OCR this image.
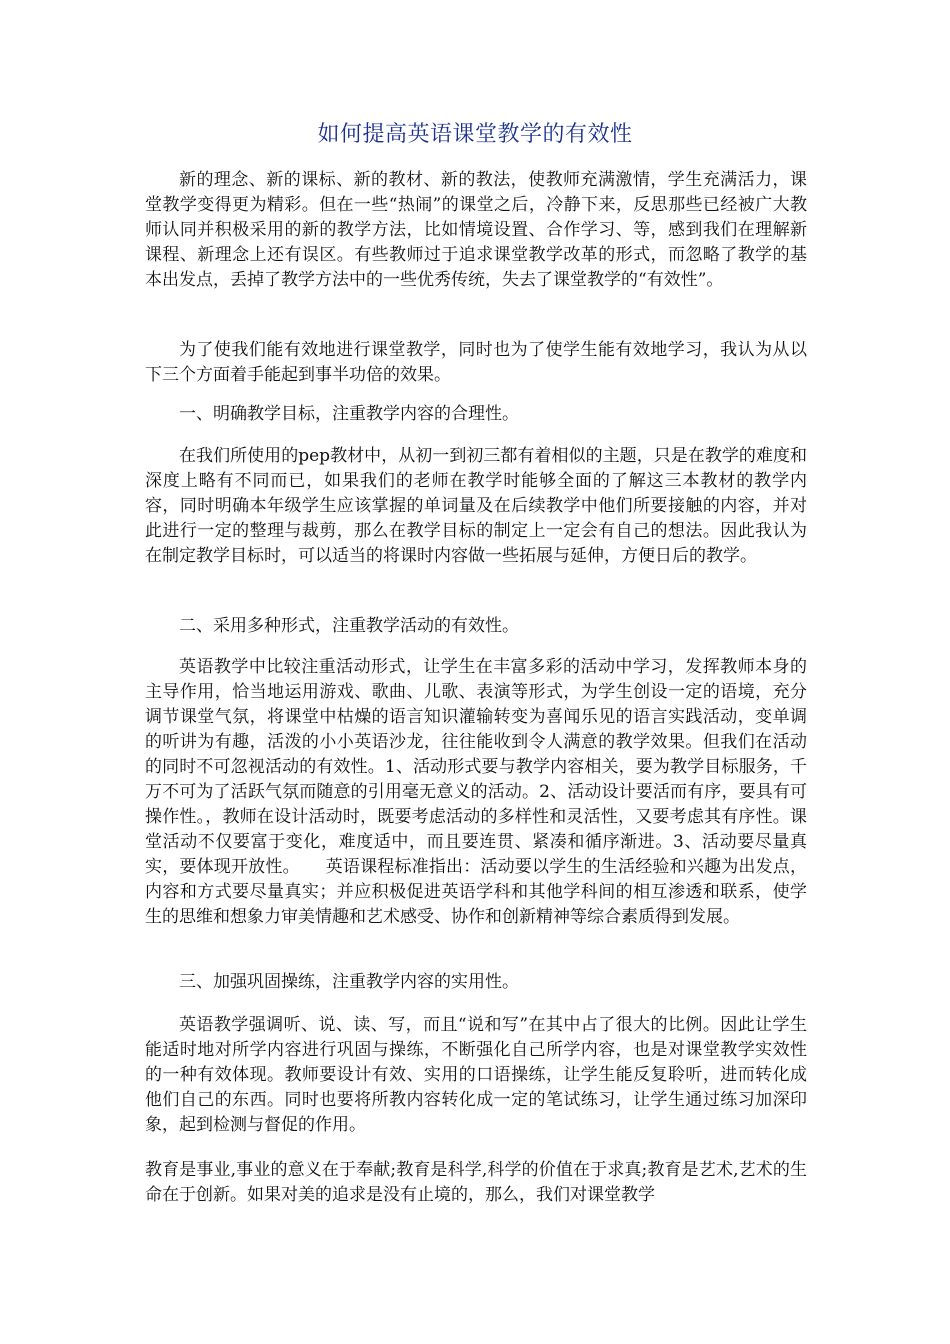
如何提高英语课堂教学的有效性

新的理念、新的课标、新的教材、新的教法，使教师充满激情，学生充满活力，课堂教学变得更为精彩。但在一些“热闹”的课堂之后，冷静下来，反思那些已经被广大教师认同并积极采用的新的教学方法，比如情境设置、合作学习、等，感到我们在理解新课程、新理念上还有误区。有些教师过于追求课堂教学改革的形式，而忽略了教学的基本出发点，丢掉了教学方法中的一些优秀传统，失去了课堂教学的“有效性”。

为了使我们能有效地进行课堂教学，同时也为了使学生能有效地学习，我认为从以下三个方面着手能起到事半功倍的效果。

一、明确教学目标，注重教学内容的合理性。

在我们所使用的pep教材中，从初一到初三都有着相似的主题，只是在教学的难度和深度上略有不同而已，如果我们的老师在教学时能够全面的了解这三本教材的教学内容，同时明确本年级学生应该掌握的单词量及在后续教学中他们所要接触的内容，并对此进行一定的整理与裁剪，那么在教学目标的制定上一定会有自己的想法。因此我认为在制定教学目标时，可以适当的将课时内容做一些拓展与延伸，方便日后的教学。

二、采用多种形式，注重教学活动的有效性。

英语教学中比较注重活动形式，让学生在丰富多彩的活动中学习，发挥教师本身的主导作用，恰当地运用游戏、歌曲、儿歌、表演等形式，为学生创设一定的语境，充分调节课堂气氛，将课堂中枯燥的语言知识灌输转变为喜闻乐见的语言实践活动，变单调的听讲为有趣，活泼的小小英语沙龙，往往能收到令人满意的教学效果。但我们在活动的同时不可忽视活动的有效性。1、活动形式要与教学内容相关，要为教学目标服务，千万不可为了活跃气氛而随意的引用毫无意义的活动。2、活动设计要活而有序，要具有可操作性。，教师在设计活动时，既要考虑活动的多样性和灵活性，又要考虑其有序性。课堂活动不仅要富于变化，难度适中，而且要连贯、紧凑和循序渐进。3、活动要尽量真实，要体现开放性。　　英语课程标准指出：活动要以学生的生活经验和兴趣为出发点，内容和方式要尽量真实；并应积极促进英语学科和其他学科间的相互渗透和联系，使学生的思维和想象力审美情趣和艺术感受、协作和创新精神等综合素质得到发展。

三、加强巩固操练，注重教学内容的实用性。

英语教学强调听、说、读、写，而且“说和写”在其中占了很大的比例。因此让学生能适时地对所学内容进行巩固与操练，不断强化自己所学内容，也是对课堂教学实效性的一种有效体现。教师要设计有效、实用的口语操练，让学生能反复聆听，进而转化成他们自己的东西。同时也要将所教内容转化成一定的笔试练习，让学生通过练习加深印象，起到检测与督促的作用。

教育是事业,事业的意义在于奉献;教育是科学,科学的价值在于求真;教育是艺术,艺术的生命在于创新。如果对美的追求是没有止境的，那么，我们对课堂教学
